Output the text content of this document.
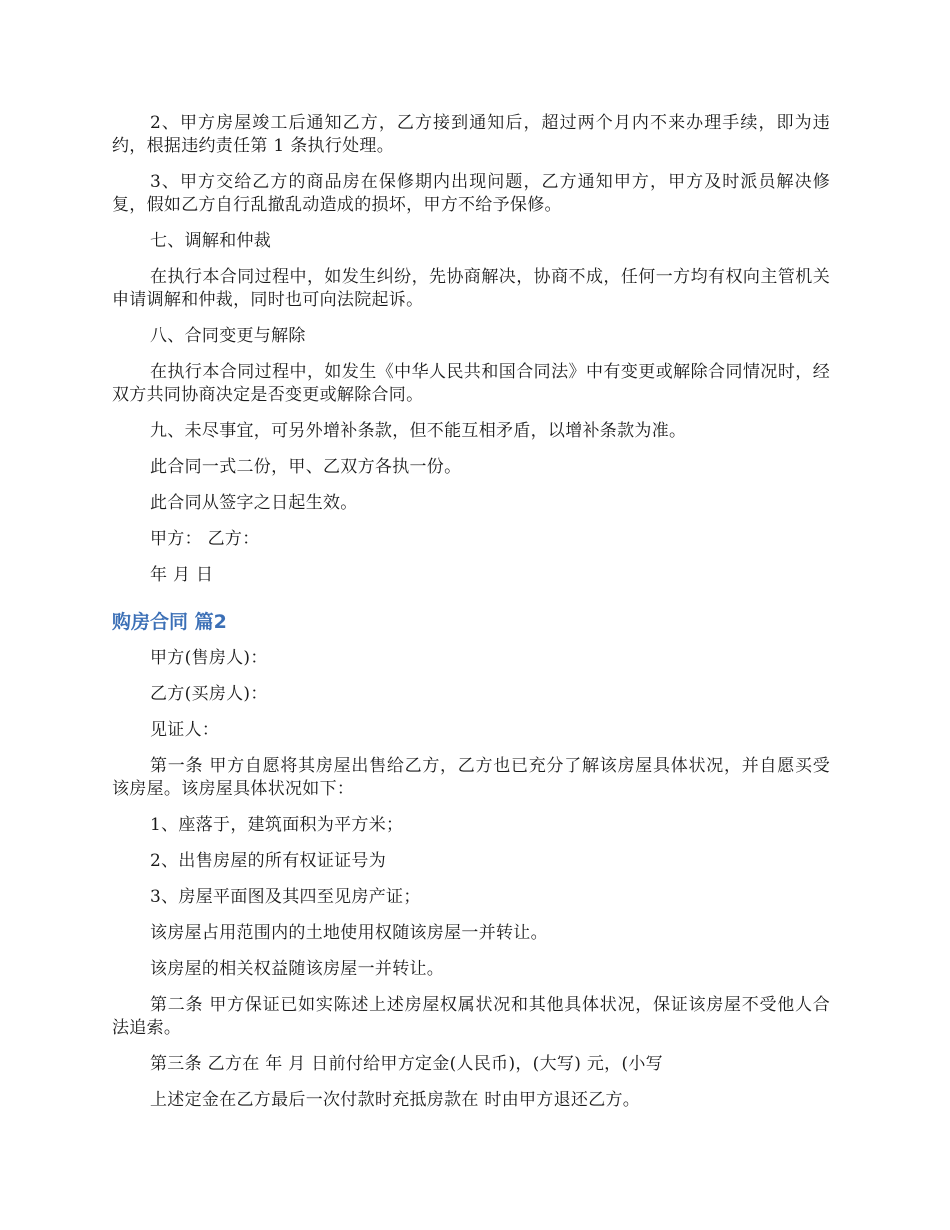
2、甲方房屋竣工后通知乙方，乙方接到通知后，超过两个月内不来办理手续，即为违约，根据违约责任第 1 条执行处理。

3、甲方交给乙方的商品房在保修期内出现问题，乙方通知甲方，甲方及时派员解决修复，假如乙方自行乱撤乱动造成的损坏，甲方不给予保修。

七、调解和仲裁

在执行本合同过程中，如发生纠纷，先协商解决，协商不成，任何一方均有权向主管机关申请调解和仲裁，同时也可向法院起诉。

八、合同变更与解除

在执行本合同过程中，如发生《中华人民共和国合同法》中有变更或解除合同情况时，经双方共同协商决定是否变更或解除合同。

九、未尽事宜，可另外增补条款，但不能互相矛盾，以增补条款为准。

此合同一式二份，甲、乙双方各执一份。

此合同从签字之日起生效。

甲方： 乙方：

年 月 日

购房合同 篇2

甲方(售房人)：

乙方(买房人)：

见证人：

第一条 甲方自愿将其房屋出售给乙方，乙方也已充分了解该房屋具体状况，并自愿买受该房屋。该房屋具体状况如下：

1、座落于，建筑面积为平方米；

2、出售房屋的所有权证证号为

3、房屋平面图及其四至见房产证；

该房屋占用范围内的土地使用权随该房屋一并转让。

该房屋的相关权益随该房屋一并转让。

第二条 甲方保证已如实陈述上述房屋权属状况和其他具体状况，保证该房屋不受他人合法追索。

第三条 乙方在 年 月 日前付给甲方定金(人民币)，(大写) 元，(小写

上述定金在乙方最后一次付款时充抵房款在 时由甲方退还乙方。
